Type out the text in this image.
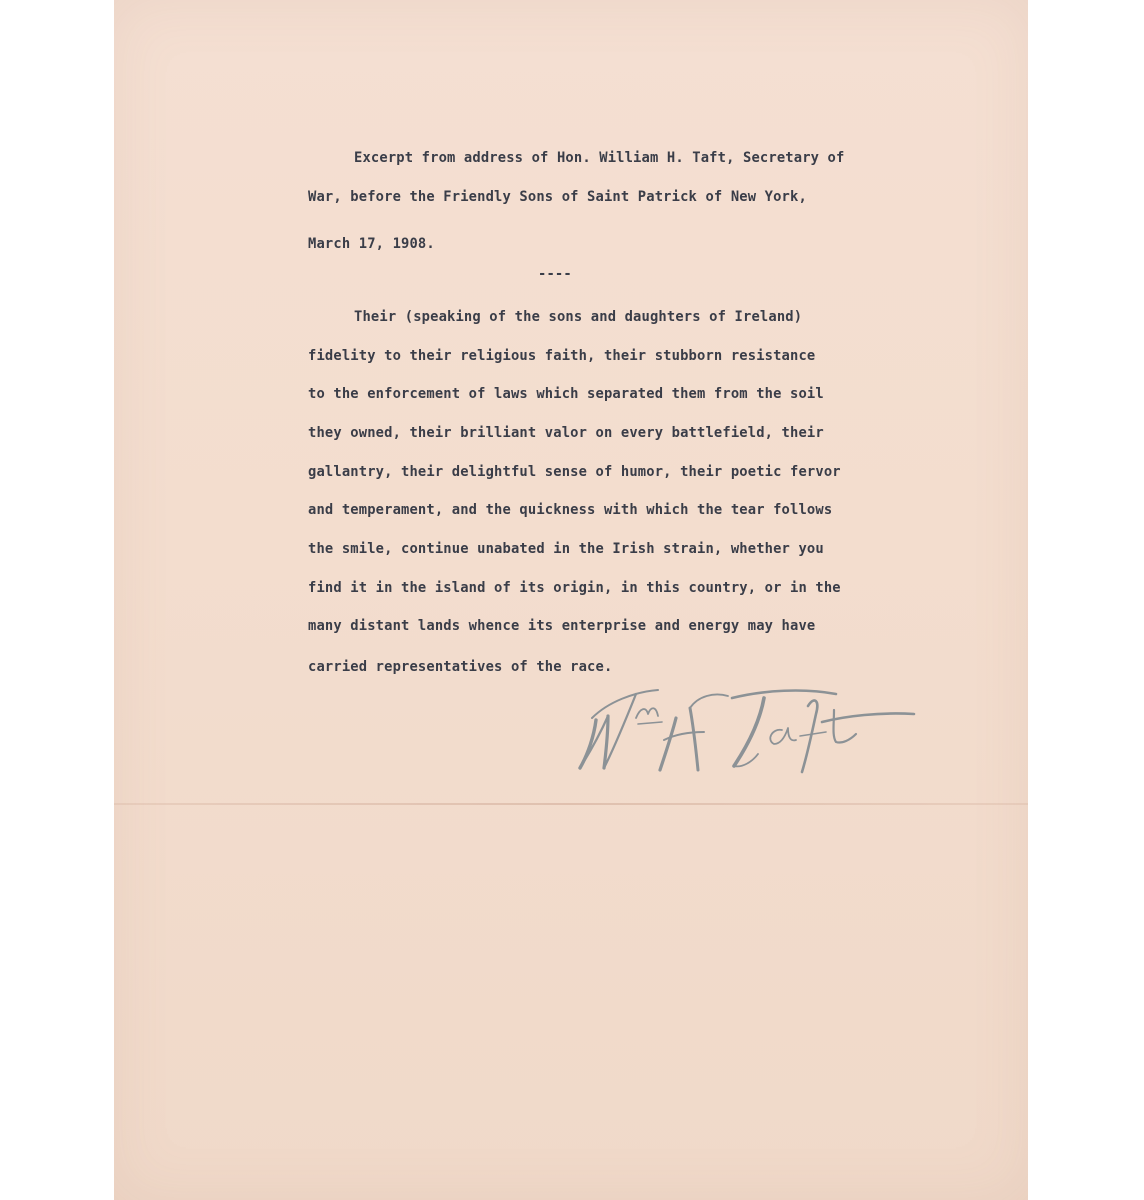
Excerpt from address of Hon. William H. Taft, Secretary of

War, before the Friendly Sons of Saint Patrick of New York,

March 17, 1908.

----

Their (speaking of the sons and daughters of Ireland)

fidelity to their religious faith, their stubborn resistance

to the enforcement of laws which separated them from the soil

they owned, their brilliant valor on every battlefield, their

gallantry, their delightful sense of humor, their poetic fervor

and temperament, and the quickness with which the tear follows

the smile, continue unabated in the Irish strain, whether you

find it in the island of its origin, in this country, or in the

many distant lands whence its enterprise and energy may have

carried representatives of the race.
